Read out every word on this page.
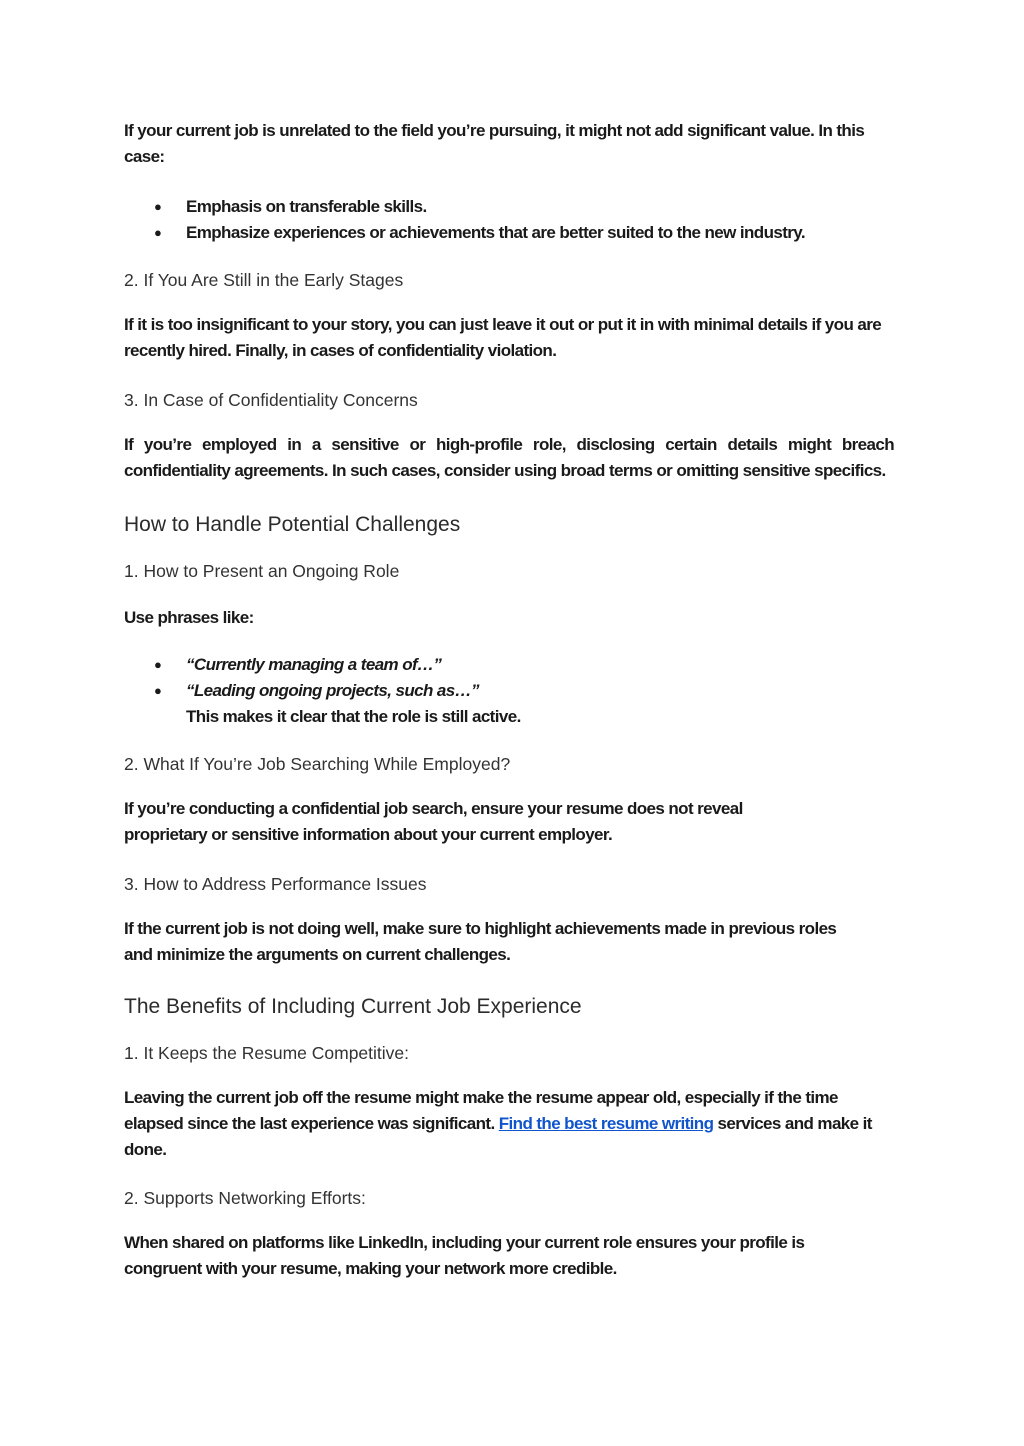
If your current job is unrelated to the field you’re pursuing, it might not add significant value. In this case:

● Emphasis on transferable skills.
● Emphasize experiences or achievements that are better suited to the new industry.

2. If You Are Still in the Early Stages

If it is too insignificant to your story, you can just leave it out or put it in with minimal details if you are recently hired. Finally, in cases of confidentiality violation.

3. In Case of Confidentiality Concerns

If you’re employed in a sensitive or high-profile role, disclosing certain details might breach confidentiality agreements. In such cases, consider using broad terms or omitting sensitive specifics.

How to Handle Potential Challenges

1. How to Present an Ongoing Role

Use phrases like:

● “Currently managing a team of…”
● “Leading ongoing projects, such as…”

This makes it clear that the role is still active.

2. What If You’re Job Searching While Employed?

If you’re conducting a confidential job search, ensure your resume does not reveal proprietary or sensitive information about your current employer.

3. How to Address Performance Issues

If the current job is not doing well, make sure to highlight achievements made in previous roles and minimize the arguments on current challenges.

The Benefits of Including Current Job Experience

1. It Keeps the Resume Competitive:

Leaving the current job off the resume might make the resume appear old, especially if the time elapsed since the last experience was significant. Find the best resume writing services and make it done.

2. Supports Networking Efforts:

When shared on platforms like LinkedIn, including your current role ensures your profile is congruent with your resume, making your network more credible.
